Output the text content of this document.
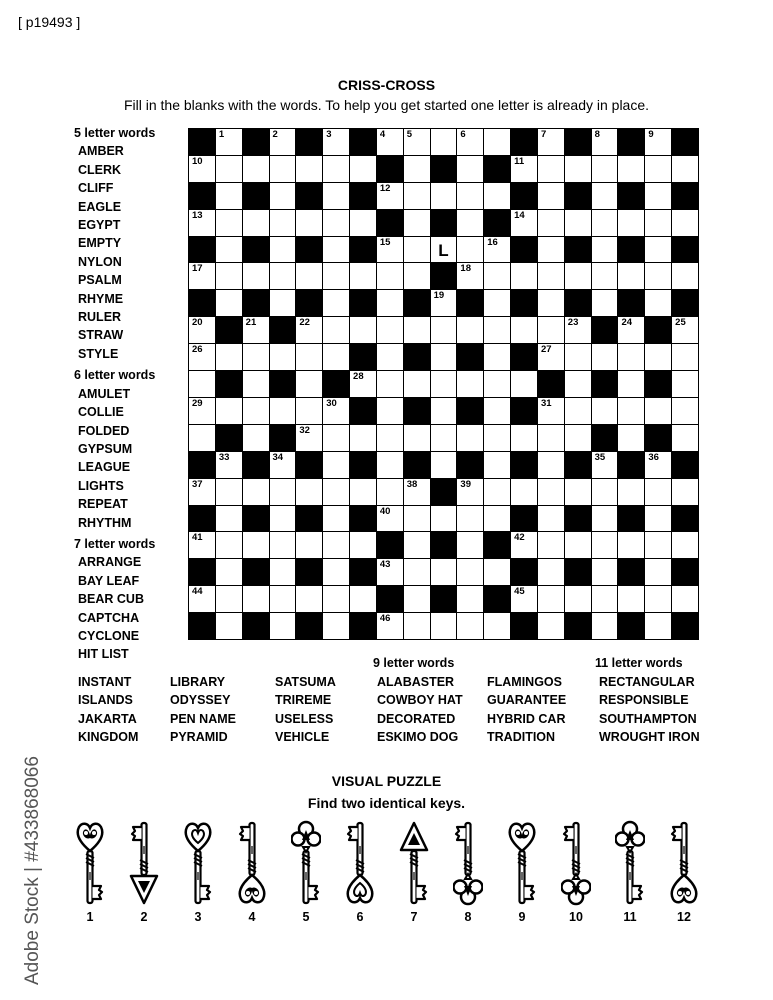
[ p19493 ]
CRISS-CROSS
Fill in the blanks with the words. To help you get started one letter is already in place.
5 letter words
AMBER
CLERK
CLIFF
EAGLE
EGYPT
EMPTY
NYLON
PSALM
RHYME
RULER
STRAW
STYLE
6 letter words
AMULET
COLLIE
FOLDED
GYPSUM
LEAGUE
LIGHTS
REPEAT
RHYTHM
7 letter words
ARRANGE
BAY LEAF
BEAR CUB
CAPTCHA
CYCLONE
HIT LIST
1	2	3	4 5	6	7	8	9
10	11
12
13	14
15	L	16
17	18
19
20	21	22	23	24	25
26	27
28
29	30	31
32
33	34	35	36
37	38	39
40
41	42
43
44	45
46
INSTANT
ISLANDS
JAKARTA
KINGDOM
LIBRARY
ODYSSEY
PEN NAME
PYRAMID
SATSUMA
TRIREME
USELESS
VEHICLE
9 letter words
ALABASTER
COWBOY HAT
DECORATED
ESKIMO DOG
FLAMINGOS
GUARANTEE
HYBRID CAR
TRADITION
11 letter words
RECTANGULAR
RESPONSIBLE
SOUTHAMPTON
WROUGHT IRON
VISUAL PUZZLE
Find two identical keys.
1	2	3	4	5	6	7	8	9	10	11	12
Adobe Stock | #433868066
